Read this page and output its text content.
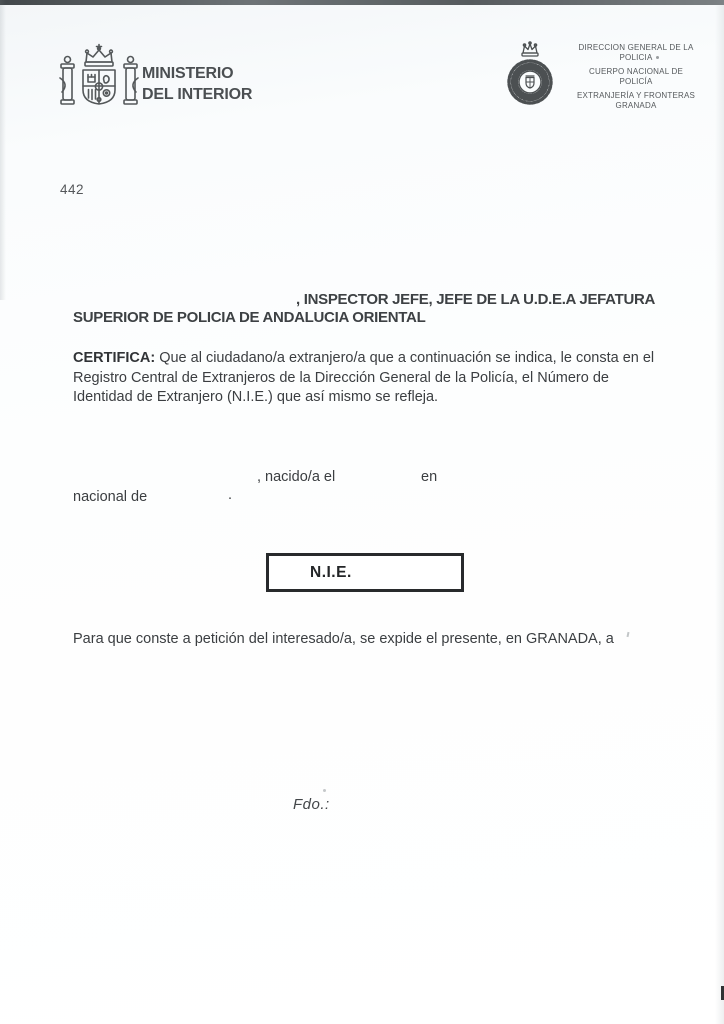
MINISTERIO
DEL INTERIOR
DIRECCION GENERAL DE LA
POLICIA
CUERPO NACIONAL DE
POLICÍA
EXTRANJERÍA Y FRONTERAS
GRANADA
442
, INSPECTOR JEFE, JEFE DE LA U.D.E.A JEFATURA
SUPERIOR DE POLICIA DE ANDALUCIA ORIENTAL

CERTIFICA: Que al ciudadano/a extranjero/a que a continuación se indica, le consta en el Registro Central de Extranjeros de la Dirección General de la Policía, el Número de Identidad de Extranjero (N.I.E.) que así mismo se refleja.

, nacido/a el	en
nacional de	.
N.I.E.
Para que conste a petición del interesado/a, se expide el presente, en GRANADA, a
Fdo.:
